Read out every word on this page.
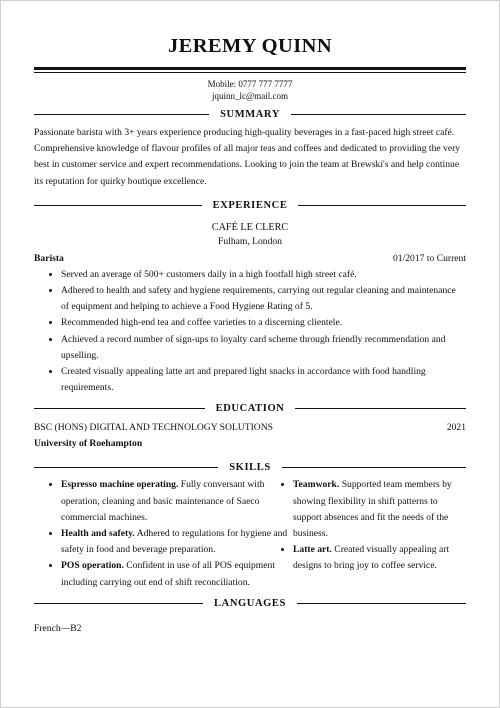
JEREMY QUINN
Mobile: 0777 777 7777
jquinn_lc@mail.com
SUMMARY
Passionate barista with 3+ years experience producing high-quality beverages in a fast-paced high street café. Comprehensive knowledge of flavour profiles of all major teas and coffees and dedicated to providing the very best in customer service and expert recommendations. Looking to join the team at Brewski's and help continue its reputation for quirky boutique excellence.
EXPERIENCE
CAFÉ LE CLERC
Fulham, London
Barista	01/2017 to Current
• Served an average of 500+ customers daily in a high footfall high street café.
• Adhered to health and safety and hygiene requirements, carrying out regular cleaning and maintenance of equipment and helping to achieve a Food Hygiene Rating of 5.
• Recommended high-end tea and coffee varieties to a discerning clientele.
• Achieved a record number of sign-ups to loyalty card scheme through friendly recommendation and upselling.
• Created visually appealing latte art and prepared light snacks in accordance with food handling requirements.
EDUCATION
BSC (HONS) DIGITAL AND TECHNOLOGY SOLUTIONS	2021
University of Roehampton
SKILLS
• Espresso machine operating. Fully conversant with operation, cleaning and basic maintenance of Saeco commercial machines.
• Health and safety. Adhered to regulations for hygiene and safety in food and beverage preparation.
• POS operation. Confident in use of all POS equipment including carrying out end of shift reconciliation.
• Teamwork. Supported team members by showing flexibility in shift patterns to support absences and fit the needs of the business.
• Latte art. Created visually appealing art designs to bring joy to coffee service.
LANGUAGES
French—B2
